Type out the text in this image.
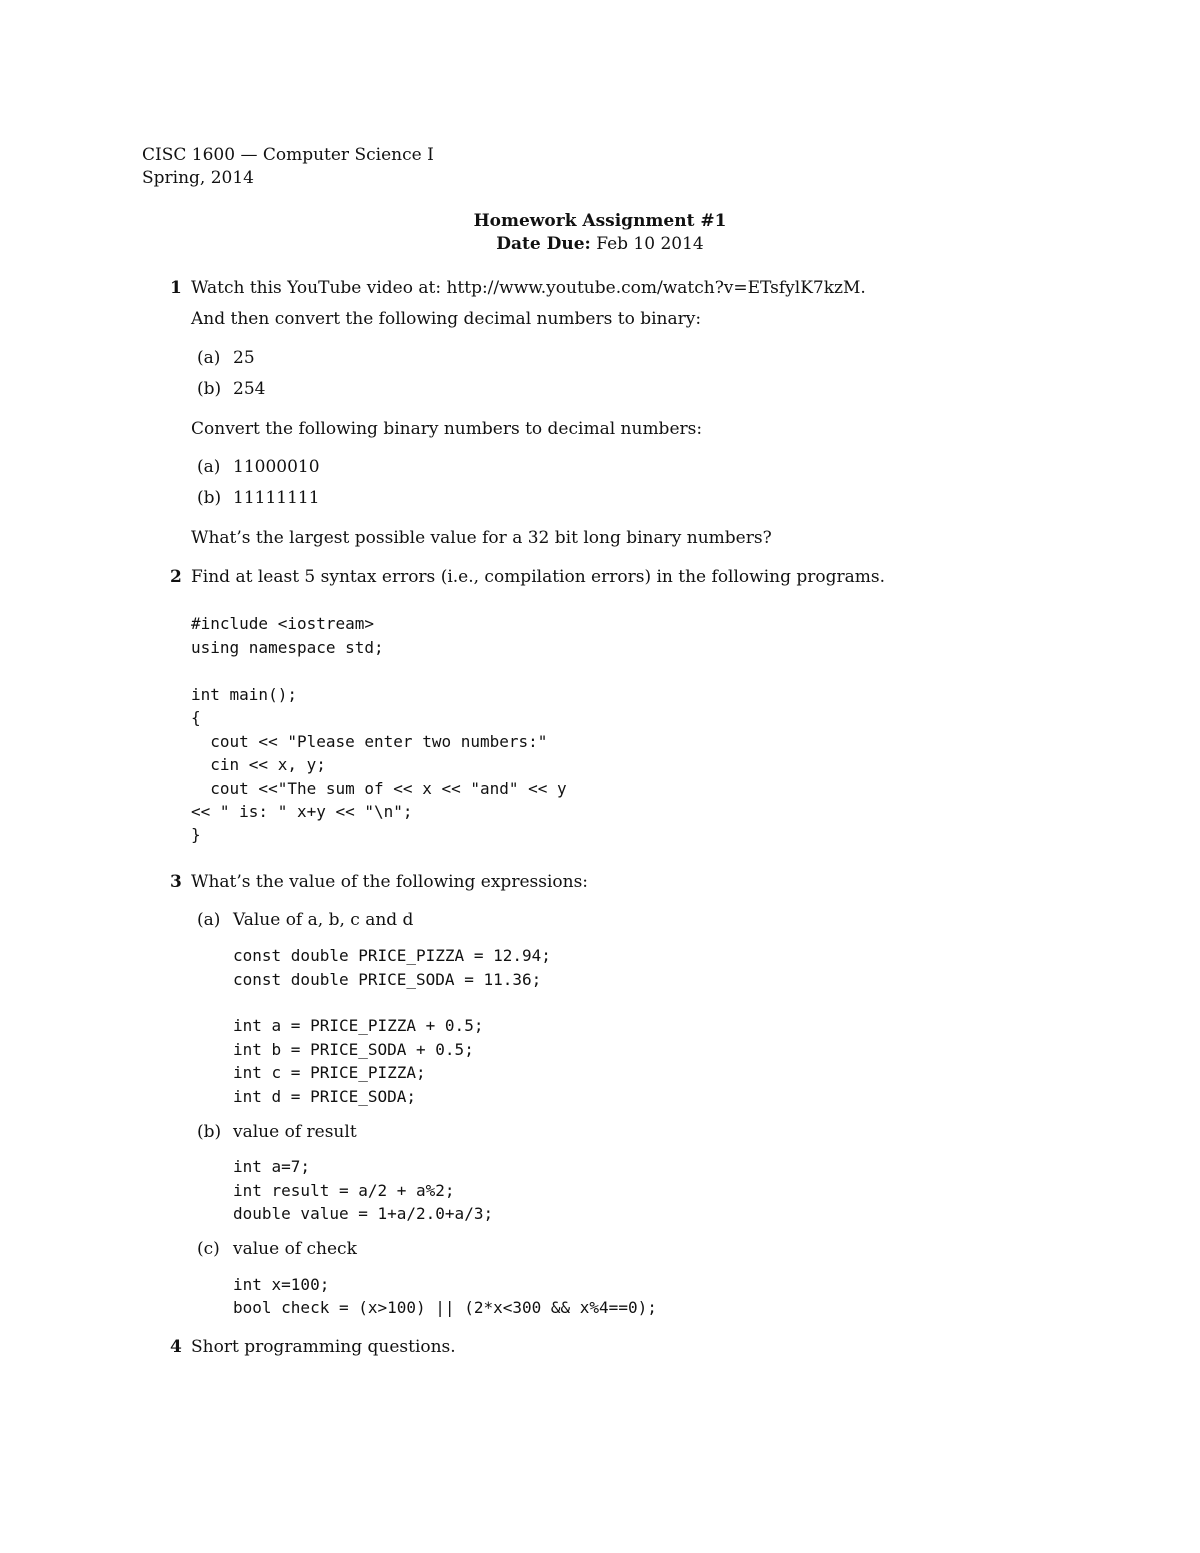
CISC 1600 — Computer Science I
Spring, 2014
Homework Assignment #1
Date Due: Feb 10 2014
1 Watch this YouTube video at: http://www.youtube.com/watch?v=ETsfylK7kzM.
And then convert the following decimal numbers to binary:
(a) 25
(b) 254
Convert the following binary numbers to decimal numbers:
(a) 11000010
(b) 11111111
What’s the largest possible value for a 32 bit long binary numbers?
2 Find at least 5 syntax errors (i.e., compilation errors) in the following programs.
#include <iostream>
using namespace std;
int main();
{
cout << "Please enter two numbers:"
cin << x, y;
cout <<"The sum of << x << "and" << y
<< " is: " x+y << "\n";
}
3 What’s the value of the following expressions:
(a) Value of a, b, c and d
const double PRICE_PIZZA = 12.94;
const double PRICE_SODA = 11.36;
int a = PRICE_PIZZA + 0.5;
int b = PRICE_SODA + 0.5;
int c = PRICE_PIZZA;
int d = PRICE_SODA;
(b) value of result
int a=7;
int result = a/2 + a%2;
double value = 1+a/2.0+a/3;
(c) value of check
int x=100;
bool check = (x>100) || (2*x<300 && x%4==0);
4 Short programming questions.
